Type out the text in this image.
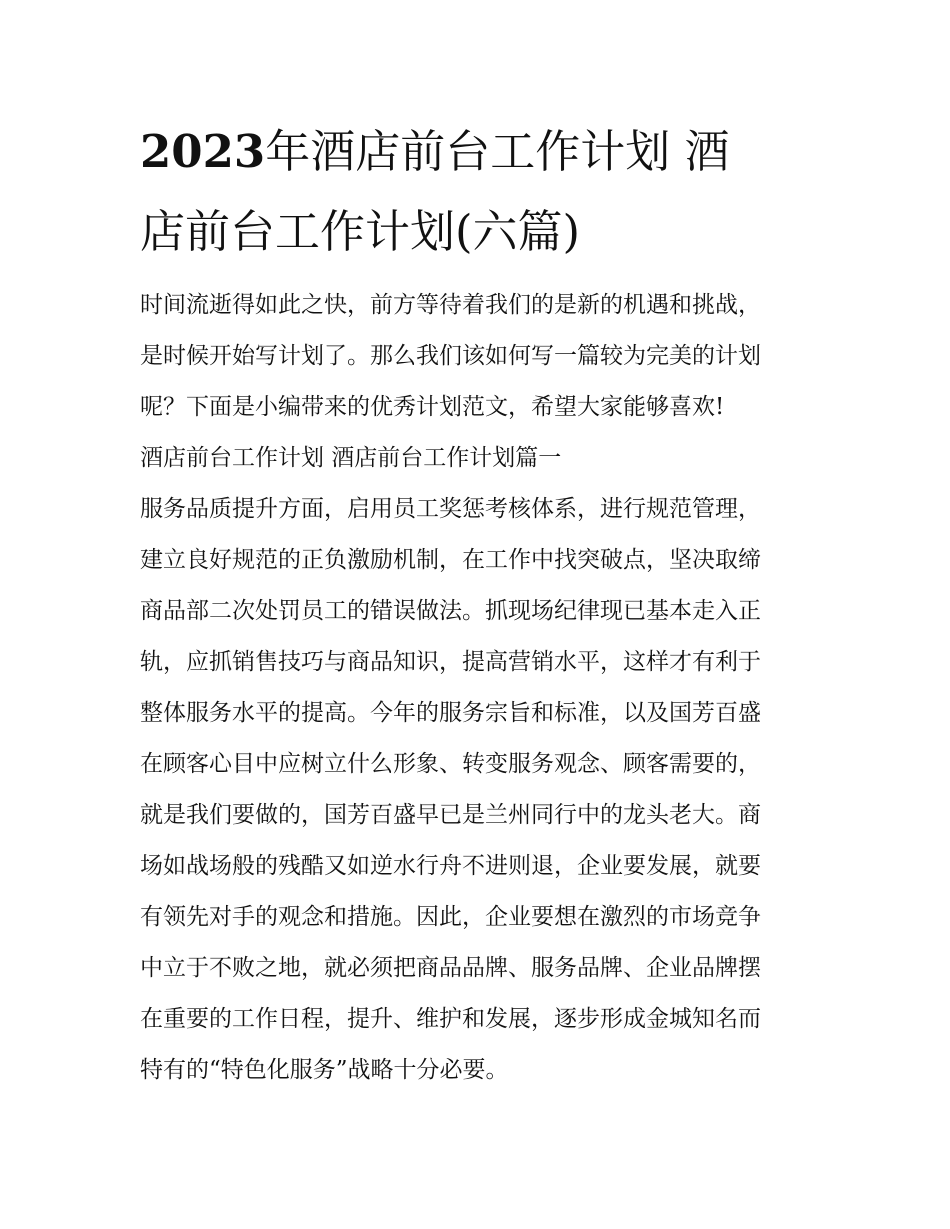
2023年酒店前台工作计划 酒
店前台工作计划(六篇)

时间流逝得如此之快，前方等待着我们的是新的机遇和挑战，
是时候开始写计划了。那么我们该如何写一篇较为完美的计划
呢？下面是小编带来的优秀计划范文，希望大家能够喜欢!

酒店前台工作计划 酒店前台工作计划篇一

服务品质提升方面，启用员工奖惩考核体系，进行规范管理，
建立良好规范的正负激励机制，在工作中找突破点，坚决取缔
商品部二次处罚员工的错误做法。抓现场纪律现已基本走入正
轨，应抓销售技巧与商品知识，提高营销水平，这样才有利于
整体服务水平的提高。今年的服务宗旨和标准，以及国芳百盛
在顾客心目中应树立什么形象、转变服务观念、顾客需要的，
就是我们要做的，国芳百盛早已是兰州同行中的龙头老大。商
场如战场般的残酷又如逆水行舟不进则退，企业要发展，就要
有领先对手的观念和措施。因此，企业要想在激烈的市场竞争
中立于不败之地，就必须把商品品牌、服务品牌、企业品牌摆
在重要的工作日程，提升、维护和发展，逐步形成金城知名而
特有的“特色化服务”战略十分必要。
